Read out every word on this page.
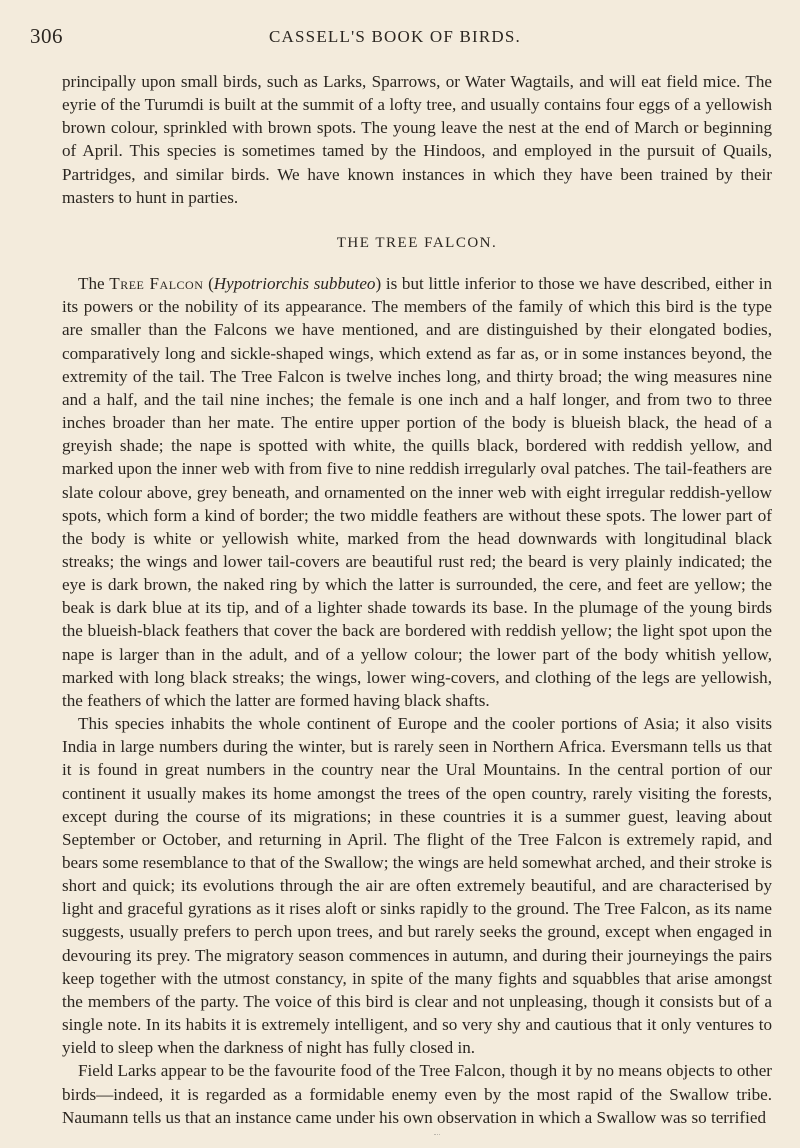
306	CASSELL'S BOOK OF BIRDS.

principally upon small birds, such as Larks, Sparrows, or Water Wagtails, and will eat field mice. The eyrie of the Turumdi is built at the summit of a lofty tree, and usually contains four eggs of a yellowish brown colour, sprinkled with brown spots. The young leave the nest at the end of March or beginning of April. This species is sometimes tamed by the Hindoos, and employed in the pursuit of Quails, Partridges, and similar birds. We have known instances in which they have been trained by their masters to hunt in parties.

THE TREE FALCON.

The Tree Falcon (Hypotriorchis subbuteo) is but little inferior to those we have described, either in its powers or the nobility of its appearance. The members of the family of which this bird is the type are smaller than the Falcons we have mentioned, and are distinguished by their elongated bodies, comparatively long and sickle-shaped wings, which extend as far as, or in some instances beyond, the extremity of the tail. The Tree Falcon is twelve inches long, and thirty broad; the wing measures nine and a half, and the tail nine inches; the female is one inch and a half longer, and from two to three inches broader than her mate. The entire upper portion of the body is blueish black, the head of a greyish shade; the nape is spotted with white, the quills black, bordered with reddish yellow, and marked upon the inner web with from five to nine reddish irregularly oval patches. The tail-feathers are slate colour above, grey beneath, and ornamented on the inner web with eight irregular reddish-yellow spots, which form a kind of border; the two middle feathers are without these spots. The lower part of the body is white or yellowish white, marked from the head downwards with longitudinal black streaks; the wings and lower tail-covers are beautiful rust red; the beard is very plainly indicated; the eye is dark brown, the naked ring by which the latter is surrounded, the cere, and feet are yellow; the beak is dark blue at its tip, and of a lighter shade towards its base. In the plumage of the young birds the blueish-black feathers that cover the back are bordered with reddish yellow; the light spot upon the nape is larger than in the adult, and of a yellow colour; the lower part of the body whitish yellow, marked with long black streaks; the wings, lower wing-covers, and clothing of the legs are yellowish, the feathers of which the latter are formed having black shafts.

This species inhabits the whole continent of Europe and the cooler portions of Asia; it also visits India in large numbers during the winter, but is rarely seen in Northern Africa. Eversmann tells us that it is found in great numbers in the country near the Ural Mountains. In the central portion of our continent it usually makes its home amongst the trees of the open country, rarely visiting the forests, except during the course of its migrations; in these countries it is a summer guest, leaving about September or October, and returning in April. The flight of the Tree Falcon is extremely rapid, and bears some resemblance to that of the Swallow; the wings are held somewhat arched, and their stroke is short and quick; its evolutions through the air are often extremely beautiful, and are characterised by light and graceful gyrations as it rises aloft or sinks rapidly to the ground. The Tree Falcon, as its name suggests, usually prefers to perch upon trees, and but rarely seeks the ground, except when engaged in devouring its prey. The migratory season commences in autumn, and during their journeyings the pairs keep together with the utmost constancy, in spite of the many fights and squabbles that arise amongst the members of the party. The voice of this bird is clear and not unpleasing, though it consists but of a single note. In its habits it is extremely intelligent, and so very shy and cautious that it only ventures to yield to sleep when the darkness of night has fully closed in.

Field Larks appear to be the favourite food of the Tree Falcon, though it by no means objects to other birds—indeed, it is regarded as a formidable enemy even by the most rapid of the Swallow tribe. Naumann tells us that an instance came under his own observation in which a Swallow was so terrified
